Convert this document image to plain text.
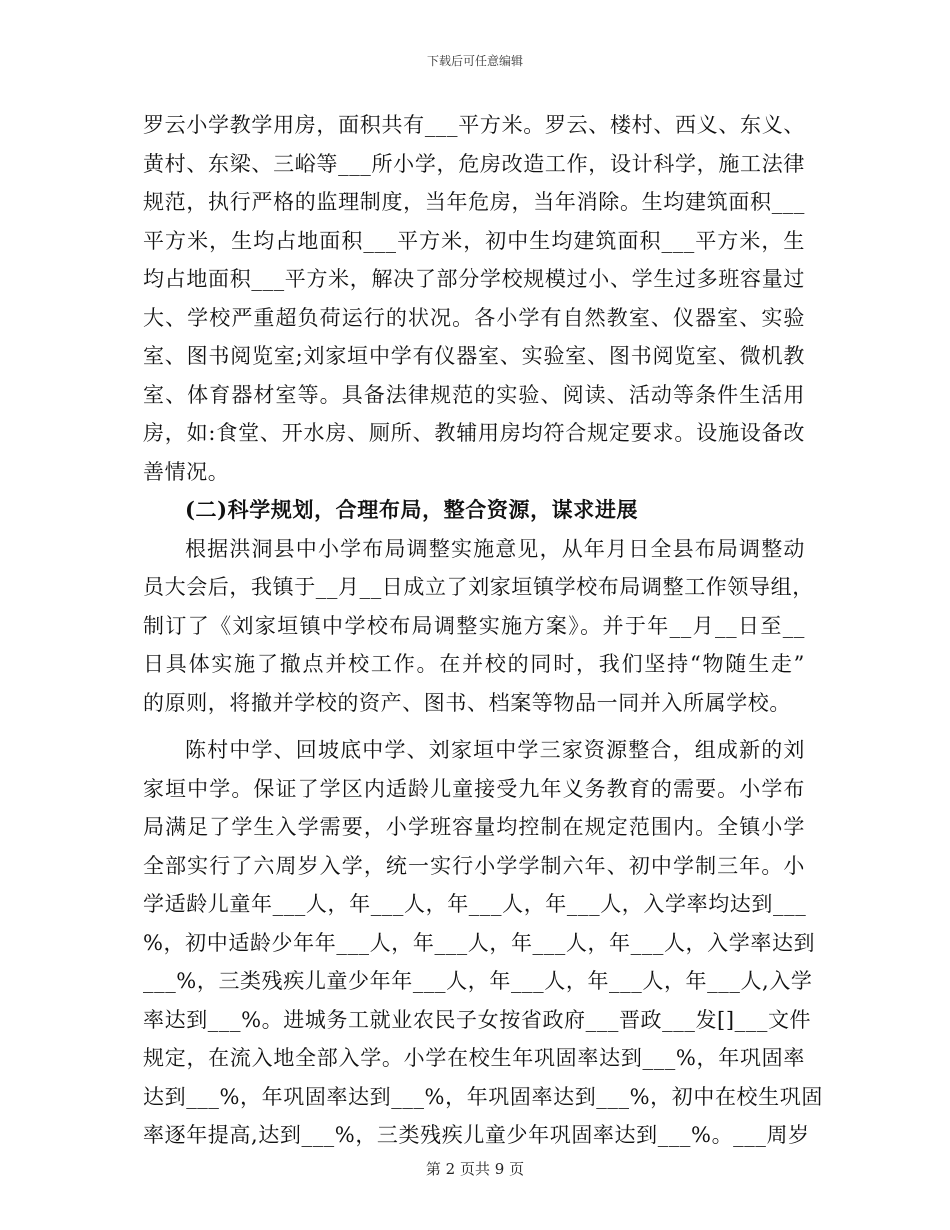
下载后可任意编辑
罗云小学教学用房，面积共有___平方米。罗云、楼村、西义、东义、
黄村、东梁、三峪等___所小学，危房改造工作，设计科学，施工法律
规范，执行严格的监理制度，当年危房，当年消除。生均建筑面积___
平方米，生均占地面积___平方米，初中生均建筑面积___平方米，生
均占地面积___平方米，解决了部分学校规模过小、学生过多班容量过
大、学校严重超负荷运行的状况。各小学有自然教室、仪器室、实验
室、图书阅览室;刘家垣中学有仪器室、实验室、图书阅览室、微机教
室、体育器材室等。具备法律规范的实验、阅读、活动等条件生活用
房，如:食堂、开水房、厕所、教辅用房均符合规定要求。设施设备改
善情况。
(二)科学规划，合理布局，整合资源，谋求进展
根据洪洞县中小学布局调整实施意见，从年月日全县布局调整动
员大会后，我镇于__月__日成立了刘家垣镇学校布局调整工作领导组，
制订了《刘家垣镇中学校布局调整实施方案》。并于年__月__日至__
日具体实施了撤点并校工作。在并校的同时，我们坚持“物随生走”
的原则，将撤并学校的资产、图书、档案等物品一同并入所属学校。
陈村中学、回坡底中学、刘家垣中学三家资源整合，组成新的刘
家垣中学。保证了学区内适龄儿童接受九年义务教育的需要。小学布
局满足了学生入学需要，小学班容量均控制在规定范围内。全镇小学
全部实行了六周岁入学，统一实行小学学制六年、初中学制三年。小
学适龄儿童年___人，年___人，年___人，年___人，入学率均达到___
%，初中适龄少年年___人，年___人，年___人，年___人，入学率达到
___%，三类残疾儿童少年年___人，年___人，年___人，年___人,入学
率达到___%。进城务工就业农民子女按省政府___晋政___发[]___文件
规定，在流入地全部入学。小学在校生年巩固率达到___%，年巩固率
达到___%，年巩固率达到___%，年巩固率达到___%，初中在校生巩固
率逐年提高,达到___%，三类残疾儿童少年巩固率达到___%。___周岁
第 2 页共 9 页
